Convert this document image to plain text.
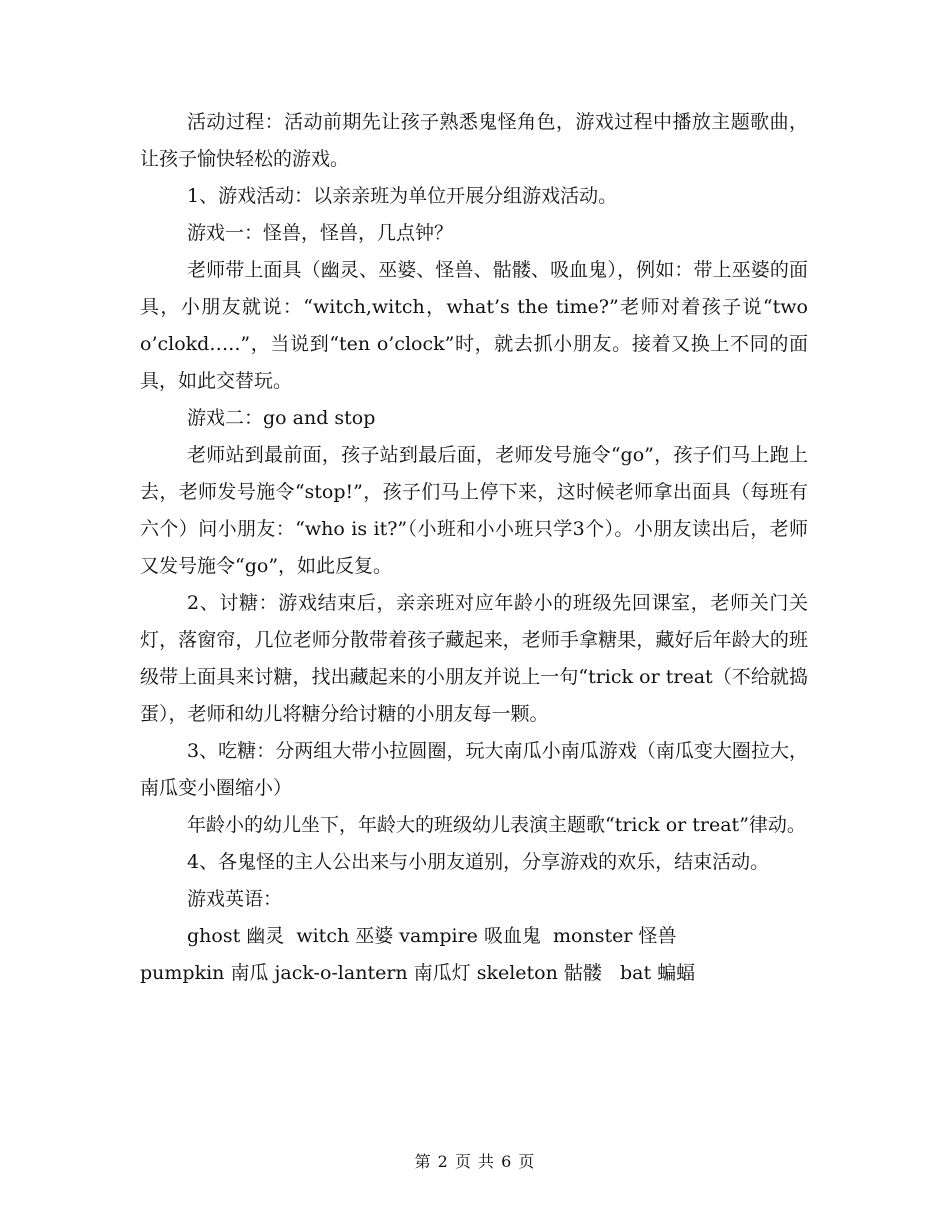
活动过程：活动前期先让孩子熟悉鬼怪角色，游戏过程中播放主题歌曲，让孩子愉快轻松的游戏。

1、游戏活动：以亲亲班为单位开展分组游戏活动。

游戏一：怪兽，怪兽，几点钟？

老师带上面具（幽灵、巫婆、怪兽、骷髅、吸血鬼），例如：带上巫婆的面具，小朋友就说：“witch,witch，what’s the time?”老师对着孩子说“two o’clokd…..”，当说到“ten o’clock”时，就去抓小朋友。接着又换上不同的面具，如此交替玩。

游戏二：go and stop

老师站到最前面，孩子站到最后面，老师发号施令“go”，孩子们马上跑上去，老师发号施令“stop!”，孩子们马上停下来，这时候老师拿出面具（每班有六个）问小朋友：“who is it?”（小班和小小班只学3个）。小朋友读出后，老师又发号施令“go”，如此反复。

2、讨糖：游戏结束后，亲亲班对应年龄小的班级先回课室，老师关门关灯，落窗帘，几位老师分散带着孩子藏起来，老师手拿糖果，藏好后年龄大的班级带上面具来讨糖，找出藏起来的小朋友并说上一句“trick or treat（不给就捣蛋），老师和幼儿将糖分给讨糖的小朋友每一颗。

3、吃糖：分两组大带小拉圆圈，玩大南瓜小南瓜游戏（南瓜变大圈拉大，南瓜变小圈缩小）

年龄小的幼儿坐下，年龄大的班级幼儿表演主题歌“trick or treat”律动。

4、各鬼怪的主人公出来与小朋友道别，分享游戏的欢乐，结束活动。

游戏英语：

ghost 幽灵  witch 巫婆 vampire 吸血鬼  monster 怪兽

pumpkin 南瓜 jack-o-lantern 南瓜灯 skeleton 骷髅   bat 蝙蝠

第 2 页 共 6 页
